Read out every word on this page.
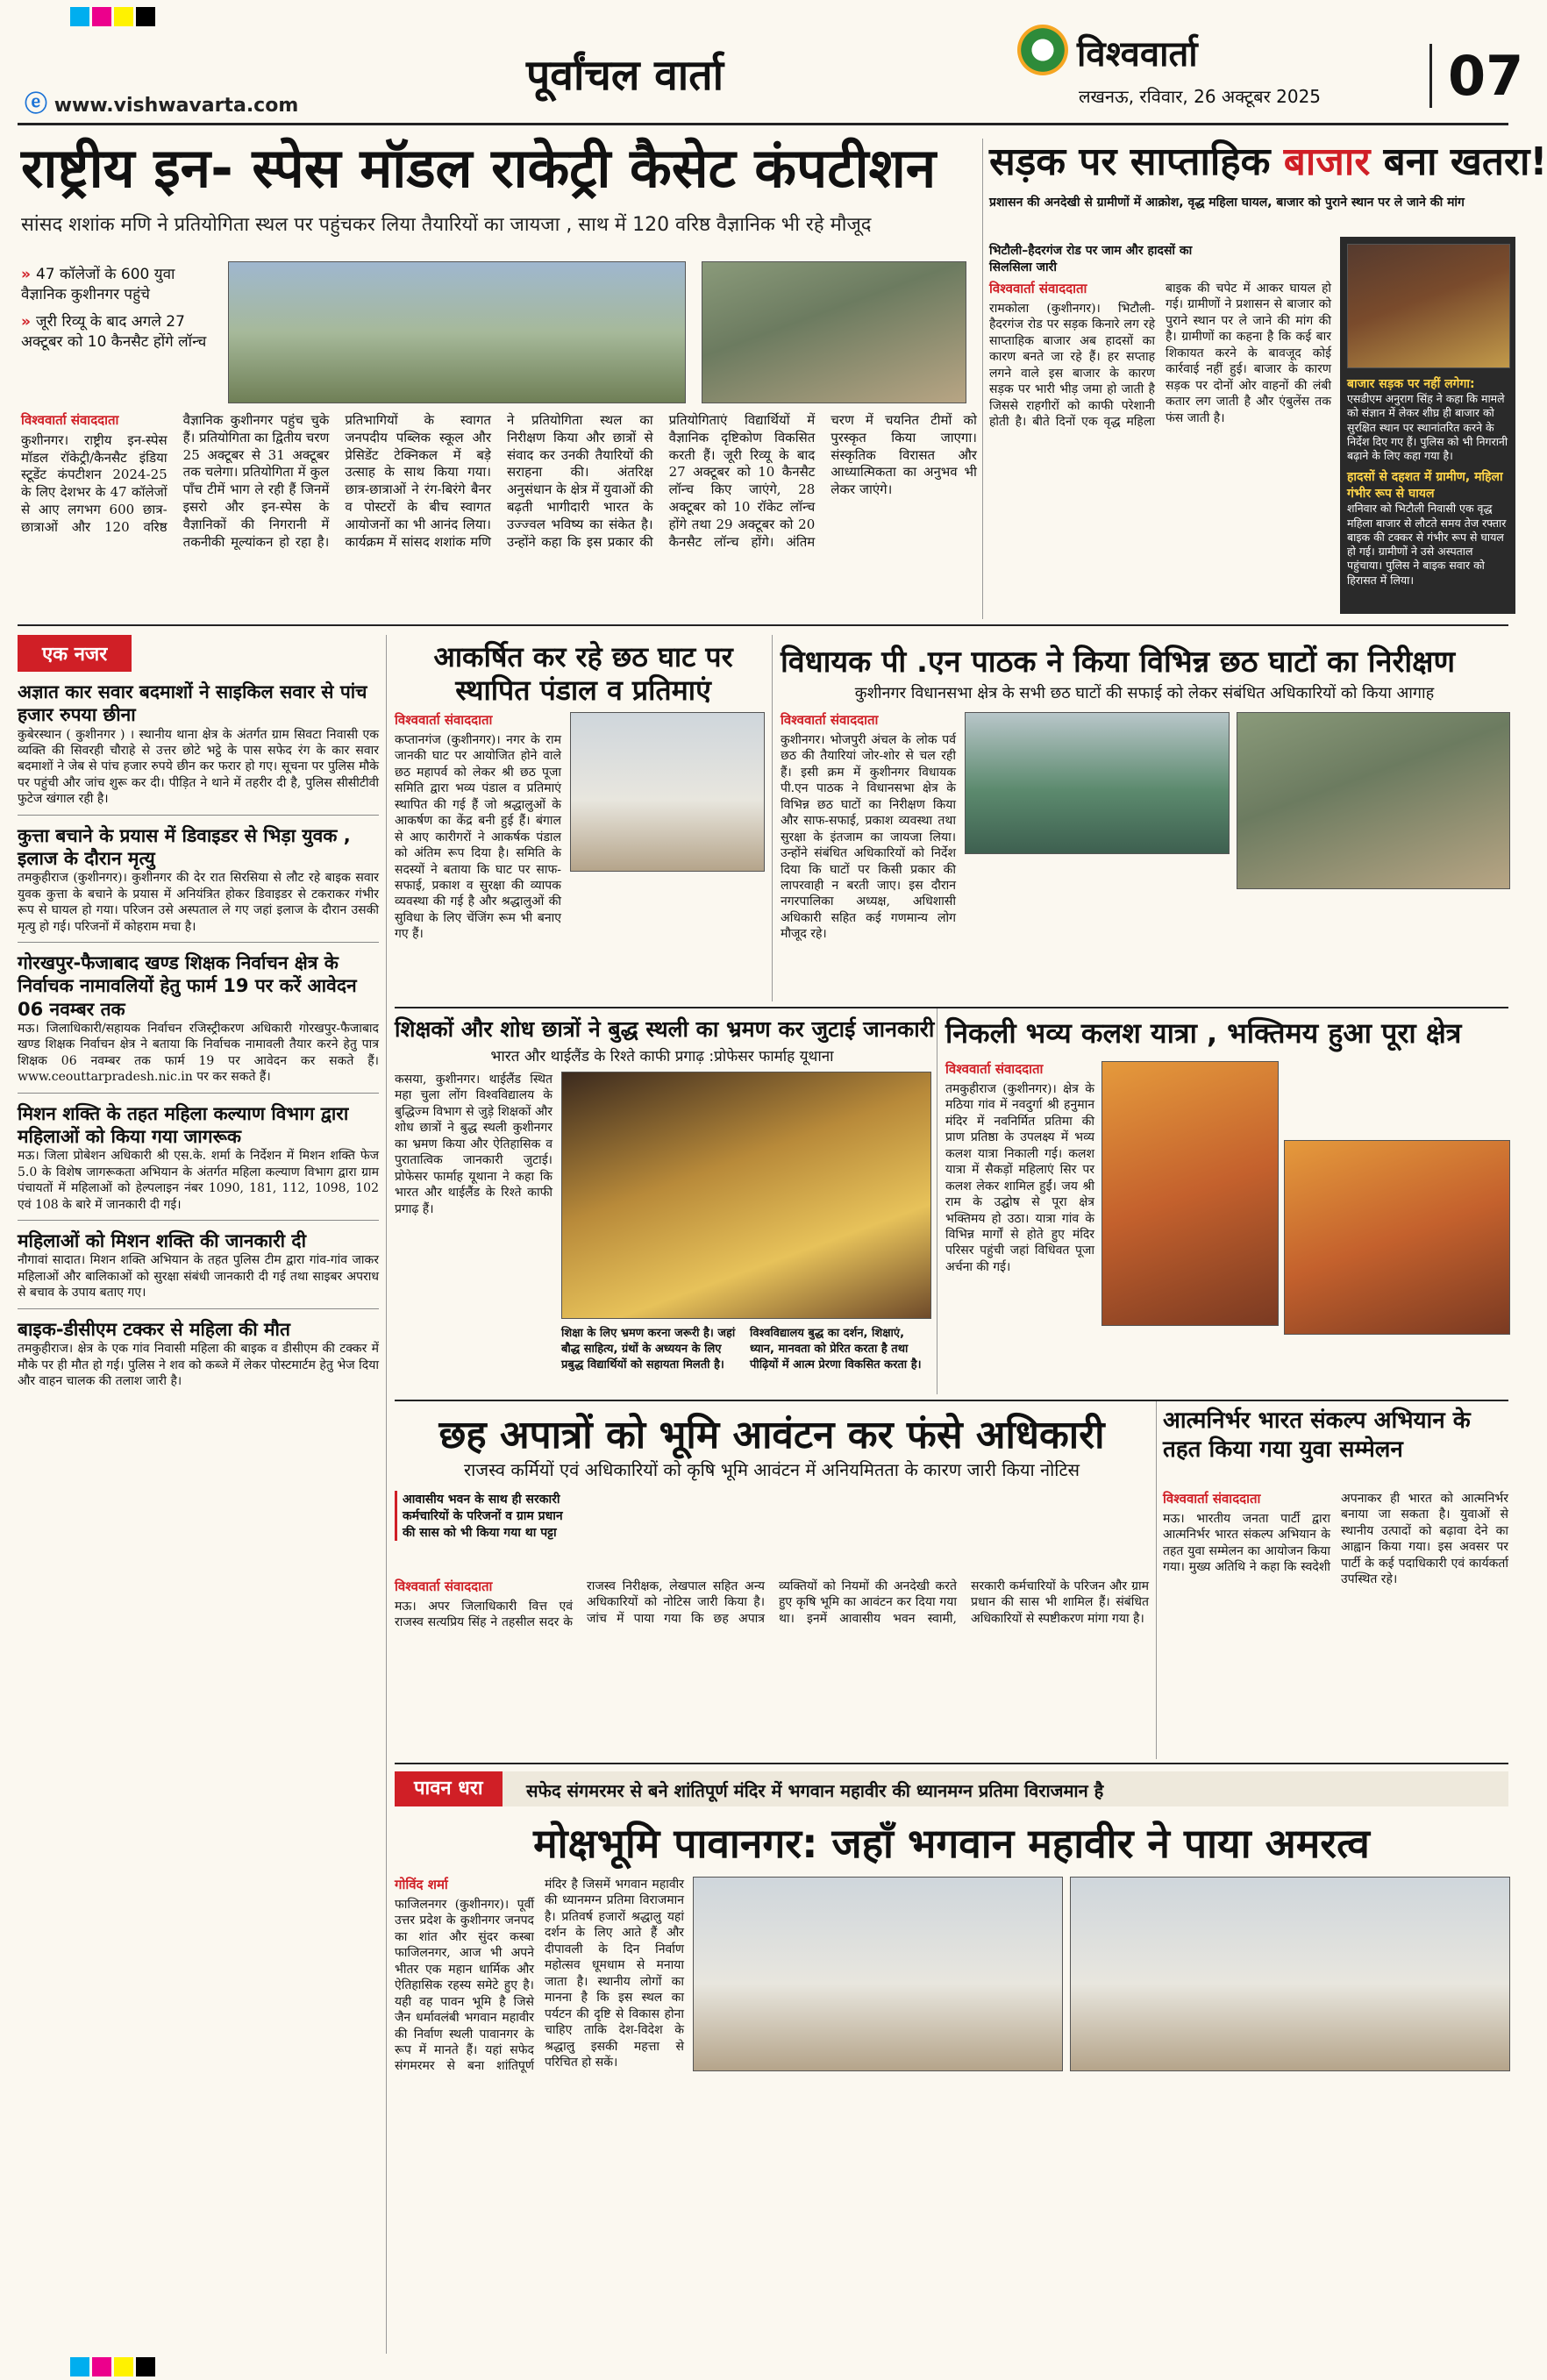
पूर्वांचल वार्ता
ⓔ www.vishwavarta.com
विश्ववार्ता
लखनऊ, रविवार, 26 अक्टूबर 2025	07
राष्ट्रीय इन- स्पेस मॉडल राकेट्री कैसेट कंपटीशन
सांसद शशांक मणि ने प्रतियोगिता स्थल पर पहुंचकर लिया तैयारियों का जायजा , साथ में 120 वरिष्ठ वैज्ञानिक भी रहे मौजूद
» 47 कॉलेजों के 600 युवा वैज्ञानिक कुशीनगर पहुंचे
» जूरी रिव्यू के बाद अगले 27 अक्टूबर को 10 कैनसैट होंगे लॉन्च
विश्ववार्ता संवाददाता
कुशीनगर। राष्ट्रीय इन-स्पेस मॉडल रॉकेट्री/कैनसैट इंडिया स्टूडेंट कंपटीशन 2024-25 के लिए देशभर के 47 कॉलेजों से आए लगभग 600 छात्र-छात्राओं और 120 वरिष्ठ वैज्ञानिक कुशीनगर पहुंच चुके हैं। प्रतियोगिता का द्वितीय चरण 25 अक्टूबर से 31 अक्टूबर तक चलेगा। प्रतियोगिता में कुल पाँच टीमें भाग ले रही हैं जिनमें इसरो और इन-स्पेस के वैज्ञानिकों की निगरानी में तकनीकी मूल्यांकन हो रहा है। प्रतिभागियों के स्वागत जनपदीय पब्लिक स्कूल और प्रेसिडेंट टेक्निकल में बड़े उत्साह के साथ किया गया। छात्र-छात्राओं ने रंग-बिरंगे बैनर व पोस्टरों के बीच स्वागत आयोजनों का भी आनंद लिया। कार्यक्रम में सांसद शशांक मणि ने प्रतियोगिता स्थल का निरीक्षण किया और छात्रों से संवाद कर उनकी तैयारियों की सराहना की। अंतरिक्ष अनुसंधान के क्षेत्र में युवाओं की बढ़ती भागीदारी भारत के उज्ज्वल भविष्य का संकेत है। उन्होंने कहा कि इस प्रकार की प्रतियोगिताएं विद्यार्थियों में वैज्ञानिक दृष्टिकोण विकसित करती हैं। जूरी रिव्यू के बाद 27 अक्टूबर को 10 कैनसैट लॉन्च किए जाएंगे, 28 अक्टूबर को 10 रॉकेट लॉन्च होंगे तथा 29 अक्टूबर को 20 कैनसैट लॉन्च होंगे। अंतिम चरण में चयनित टीमों को पुरस्कृत किया जाएगा। संस्कृतिक विरासत और आध्यात्मिकता का अनुभव भी लेकर जाएंगे।
सड़क पर साप्ताहिक बाजार बना खतरा!
प्रशासन की अनदेखी से ग्रामीणों में आक्रोश, वृद्ध महिला घायल, बाजार को पुराने स्थान पर ले जाने की मांग
भिटौली–हैदरगंज रोड पर जाम और हादसों का सिलसिला जारी
विश्ववार्ता संवाददाता
रामकोला (कुशीनगर)। भिटौली-हैदरगंज रोड पर सड़क किनारे लग रहे साप्ताहिक बाजार अब हादसों का कारण बनते जा रहे हैं। हर सप्ताह लगने वाले इस बाजार के कारण सड़क पर भारी भीड़ जमा हो जाती है जिससे राहगीरों को काफी परेशानी होती है। बीते दिनों एक वृद्ध महिला बाइक की चपेट में आकर घायल हो गई। ग्रामीणों ने प्रशासन से बाजार को पुराने स्थान पर ले जाने की मांग की है। ग्रामीणों का कहना है कि कई बार शिकायत करने के बावजूद कोई कार्रवाई नहीं हुई। बाजार के कारण सड़क पर दोनों ओर वाहनों की लंबी कतार लग जाती है और एंबुलेंस तक फंस जाती है।
बाजार सड़क पर नहीं लगेगा:
एसडीएम अनुराग सिंह ने कहा कि मामले को संज्ञान में लेकर शीघ्र ही बाजार को सुरक्षित स्थान पर स्थानांतरित करने के निर्देश दिए गए हैं। पुलिस को भी निगरानी बढ़ाने के लिए कहा गया है।
हादसों से दहशत में ग्रामीण, महिला गंभीर रूप से घायल
शनिवार को भिटौली निवासी एक वृद्ध महिला बाजार से लौटते समय तेज रफ्तार बाइक की टक्कर से गंभीर रूप से घायल हो गई। ग्रामीणों ने उसे अस्पताल पहुंचाया। पुलिस ने बाइक सवार को हिरासत में लिया।
एक नजर
अज्ञात कार सवार बदमाशों ने साइकिल सवार से पांच हजार रुपया छीना
कुबेरस्थान ( कुशीनगर ) । स्थानीय थाना क्षेत्र के अंतर्गत ग्राम सिवटा निवासी एक व्यक्ति की सिवरही चौराहे से उत्तर छोटे भट्ठे के पास सफेद रंग के कार सवार बदमाशों ने जेब से पांच हजार रुपये छीन कर फरार हो गए। सूचना पर पुलिस मौके पर पहुंची और जांच शुरू कर दी। पीड़ित ने थाने में तहरीर दी है, पुलिस सीसीटीवी फुटेज खंगाल रही है।
कुत्ता बचाने के प्रयास में डिवाइडर से भिड़ा युवक , इलाज के दौरान मृत्यु
तमकुहीराज (कुशीनगर)। कुशीनगर की देर रात सिरसिया से लौट रहे बाइक सवार युवक कुत्ता के बचाने के प्रयास में अनियंत्रित होकर डिवाइडर से टकराकर गंभीर रूप से घायल हो गया। परिजन उसे अस्पताल ले गए जहां इलाज के दौरान उसकी मृत्यु हो गई। परिजनों में कोहराम मचा है।
गोरखपुर-फैजाबाद खण्ड शिक्षक निर्वाचन क्षेत्र के निर्वाचक नामावलियों हेतु फार्म 19 पर करें आवेदन 06 नवम्बर तक
मऊ। जिलाधिकारी/सहायक निर्वाचन रजिस्ट्रीकरण अधिकारी गोरखपुर-फैजाबाद खण्ड शिक्षक निर्वाचन क्षेत्र ने बताया कि निर्वाचक नामावली तैयार करने हेतु पात्र शिक्षक 06 नवम्बर तक फार्म 19 पर आवेदन कर सकते हैं। www.ceouttarpradesh.nic.in पर कर सकते हैं।
मिशन शक्ति के तहत महिला कल्याण विभाग द्वारा महिलाओं को किया गया जागरूक
मऊ। जिला प्रोबेशन अधिकारी श्री एस.के. शर्मा के निर्देशन में मिशन शक्ति फेज 5.0 के विशेष जागरूकता अभियान के अंतर्गत महिला कल्याण विभाग द्वारा ग्राम पंचायतों में महिलाओं को हेल्पलाइन नंबर 1090, 181, 112, 1098, 102 एवं 108 के बारे में जानकारी दी गई।
महिलाओं को मिशन शक्ति की जानकारी दी
नौगावां सादात। मिशन शक्ति अभियान के तहत पुलिस टीम द्वारा गांव-गांव जाकर महिलाओं और बालिकाओं को सुरक्षा संबंधी जानकारी दी गई तथा साइबर अपराध से बचाव के उपाय बताए गए।
बाइक-डीसीएम टक्कर से महिला की मौत
तमकुहीराज। क्षेत्र के एक गांव निवासी महिला की बाइक व डीसीएम की टक्कर में मौके पर ही मौत हो गई। पुलिस ने शव को कब्जे में लेकर पोस्टमार्टम हेतु भेज दिया और वाहन चालक की तलाश जारी है।
आकर्षित कर रहे छठ घाट पर स्थापित पंडाल व प्रतिमाएं
विश्ववार्ता संवाददाता
कप्तानगंज (कुशीनगर)। नगर के राम जानकी घाट पर आयोजित होने वाले छठ महापर्व को लेकर श्री छठ पूजा समिति द्वारा भव्य पंडाल व प्रतिमाएं स्थापित की गई हैं जो श्रद्धालुओं के आकर्षण का केंद्र बनी हुई हैं। बंगाल से आए कारीगरों ने आकर्षक पंडाल को अंतिम रूप दिया है। समिति के सदस्यों ने बताया कि घाट पर साफ-सफाई, प्रकाश व सुरक्षा की व्यापक व्यवस्था की गई है और श्रद्धालुओं की सुविधा के लिए चेंजिंग रूम भी बनाए गए हैं।
विधायक पी .एन पाठक ने किया विभिन्न छठ घाटों का निरीक्षण
कुशीनगर विधानसभा क्षेत्र के सभी छठ घाटों की सफाई को लेकर संबंधित अधिकारियों को किया आगाह
विश्ववार्ता संवाददाता
कुशीनगर। भोजपुरी अंचल के लोक पर्व छठ की तैयारियां जोर-शोर से चल रही हैं। इसी क्रम में कुशीनगर विधायक पी.एन पाठक ने विधानसभा क्षेत्र के विभिन्न छठ घाटों का निरीक्षण किया और साफ-सफाई, प्रकाश व्यवस्था तथा सुरक्षा के इंतजाम का जायजा लिया। उन्होंने संबंधित अधिकारियों को निर्देश दिया कि घाटों पर किसी प्रकार की लापरवाही न बरती जाए। इस दौरान नगरपालिका अध्यक्ष, अधिशासी अधिकारी सहित कई गणमान्य लोग मौजूद रहे।
शिक्षकों और शोध छात्रों ने बुद्ध स्थली का भ्रमण कर जुटाई जानकारी
भारत और थाईलैंड के रिश्ते काफी प्रगाढ़ :प्रोफेसर फार्माह यूथाना
कसया, कुशीनगर। थाईलैंड स्थित महा चुला लोंग विश्वविद्यालय के बुद्धिज्म विभाग से जुड़े शिक्षकों और शोध छात्रों ने बुद्ध स्थली कुशीनगर का भ्रमण किया और ऐतिहासिक व पुरातात्विक जानकारी जुटाई। प्रोफेसर फार्माह यूथाना ने कहा कि भारत और थाईलैंड के रिश्ते काफी प्रगाढ़ हैं।
शिक्षा के लिए भ्रमण करना जरूरी है। जहां बौद्ध साहित्य, ग्रंथों के अध्ययन के लिए प्रबुद्ध विद्यार्थियों को सहायता मिलती है।
विश्वविद्यालय बुद्ध का दर्शन, शिक्षाएं, ध्यान, मानवता को प्रेरित करता है तथा पीढ़ियों में आत्म प्रेरणा विकसित करता है।
निकली भव्य कलश यात्रा , भक्तिमय हुआ पूरा क्षेत्र
विश्ववार्ता संवाददाता
तमकुहीराज (कुशीनगर)। क्षेत्र के मठिया गांव में नवदुर्गा श्री हनुमान मंदिर में नवनिर्मित प्रतिमा की प्राण प्रतिष्ठा के उपलक्ष्य में भव्य कलश यात्रा निकाली गई। कलश यात्रा में सैकड़ों महिलाएं सिर पर कलश लेकर शामिल हुईं। जय श्री राम के उद्घोष से पूरा क्षेत्र भक्तिमय हो उठा। यात्रा गांव के विभिन्न मार्गों से होते हुए मंदिर परिसर पहुंची जहां विधिवत पूजा अर्चना की गई।
छह अपात्रों को भूमि आवंटन कर फंसे अधिकारी
राजस्व कर्मियों एवं अधिकारियों को कृषि भूमि आवंटन में अनियमितता के कारण जारी किया नोटिस
आवासीय भवन के साथ ही सरकारी कर्मचारियों के परिजनों व ग्राम प्रधान की सास को भी किया गया था पट्टा
विश्ववार्ता संवाददाता
मऊ। अपर जिलाधिकारी वित्त एवं राजस्व सत्यप्रिय सिंह ने तहसील सदर के राजस्व निरीक्षक, लेखपाल सहित अन्य अधिकारियों को नोटिस जारी किया है। जांच में पाया गया कि छह अपात्र व्यक्तियों को नियमों की अनदेखी करते हुए कृषि भूमि का आवंटन कर दिया गया था। इनमें आवासीय भवन स्वामी, सरकारी कर्मचारियों के परिजन और ग्राम प्रधान की सास भी शामिल हैं। संबंधित अधिकारियों से स्पष्टीकरण मांगा गया है।
आत्मनिर्भर भारत संकल्प अभियान के तहत किया गया युवा सम्मेलन
विश्ववार्ता संवाददाता
मऊ। भारतीय जनता पार्टी द्वारा आत्मनिर्भर भारत संकल्प अभियान के तहत युवा सम्मेलन का आयोजन किया गया। मुख्य अतिथि ने कहा कि स्वदेशी अपनाकर ही भारत को आत्मनिर्भर बनाया जा सकता है। युवाओं से स्थानीय उत्पादों को बढ़ावा देने का आह्वान किया गया। इस अवसर पर पार्टी के कई पदाधिकारी एवं कार्यकर्ता उपस्थित रहे।
पावन धरा	सफेद संगमरमर से बने शांतिपूर्ण मंदिर में भगवान महावीर की ध्यानमग्न प्रतिमा विराजमान है
मोक्षभूमि पावानगर: जहाँ भगवान महावीर ने पाया अमरत्व
गोविंद शर्मा
फाजिलनगर (कुशीनगर)। पूर्वी उत्तर प्रदेश के कुशीनगर जनपद का शांत और सुंदर कस्बा फाजिलनगर, आज भी अपने भीतर एक महान धार्मिक और ऐतिहासिक रहस्य समेटे हुए है। यही वह पावन भूमि है जिसे जैन धर्मावलंबी भगवान महावीर की निर्वाण स्थली पावानगर के रूप में मानते हैं। यहां सफेद संगमरमर से बना शांतिपूर्ण मंदिर है जिसमें भगवान महावीर की ध्यानमग्न प्रतिमा विराजमान है। प्रतिवर्ष हजारों श्रद्धालु यहां दर्शन के लिए आते हैं और दीपावली के दिन निर्वाण महोत्सव धूमधाम से मनाया जाता है। स्थानीय लोगों का मानना है कि इस स्थल का पर्यटन की दृष्टि से विकास होना चाहिए ताकि देश-विदेश के श्रद्धालु इसकी महत्ता से परिचित हो सकें।
